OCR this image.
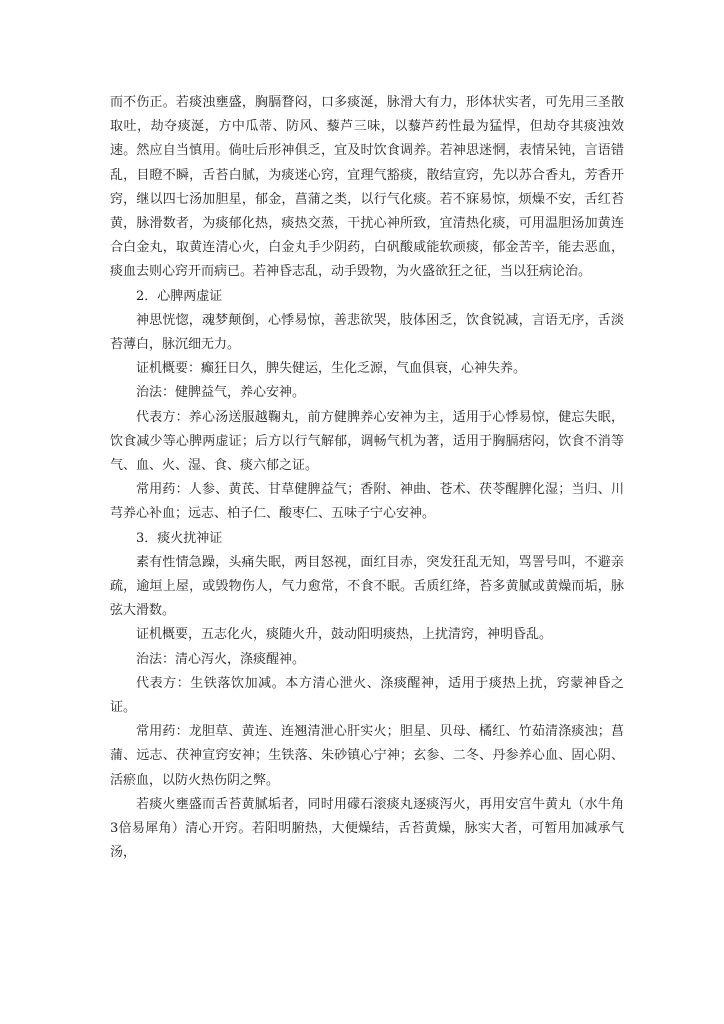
而不伤正。若痰浊壅盛，胸膈瞀闷，口多痰涎，脉滑大有力，形体状实者，可先用三圣散取吐，劫夺痰涎，方中瓜蒂、防风、藜芦三味，以藜芦药性最为猛悍，但劫夺其痰浊效速。然应自当慎用。倘吐后形神俱乏，宜及时饮食调养。若神思迷惘，表情呆钝，言语错乱，目瞪不瞬，舌苔白腻，为痰迷心窍，宜理气豁痰，散结宣窍，先以苏合香丸，芳香开窍，继以四七汤加胆星，郁金，菖蒲之类，以行气化痰。若不寐易惊，烦燥不安，舌红苔黄，脉滑数者，为痰郁化热，痰热交蒸，干扰心神所致，宜清热化痰，可用温胆汤加黄连合白金丸，取黄连清心火，白金丸手少阴药，白矾酸咸能软顽痰，郁金苦辛，能去恶血，痰血去则心窍开而病已。若神昏志乱，动手毁物，为火盛欲狂之征，当以狂病论治。

2．心脾两虚证

神思恍惚，魂梦颠倒，心悸易惊，善悲欲哭，肢体困乏，饮食锐减，言语无序，舌淡苔薄白，脉沉细无力。

证机概要：癫狂日久，脾失健运，生化乏源，气血俱衰，心神失养。

治法：健脾益气，养心安神。

代表方：养心汤送服越鞠丸，前方健脾养心安神为主，适用于心悸易惊，健忘失眠，饮食减少等心脾两虚证；后方以行气解郁，调畅气机为著，适用于胸膈痞闷，饮食不消等气、血、火、湿、食、痰六郁之证。

常用药：人参、黄芪、甘草健脾益气；香附、神曲、苍术、茯苓醒脾化湿；当归、川芎养心补血；远志、柏子仁、酸枣仁、五味子宁心安神。

3．痰火扰神证

素有性情急躁，头痛失眠，两目怒视，面红目赤，突发狂乱无知，骂詈号叫，不避亲疏，逾垣上屋，或毁物伤人，气力愈常，不食不眠。舌质红绛，苔多黄腻或黄燥而垢，脉弦大滑数。

证机概要，五志化火，痰随火升，鼓动阳明痰热，上扰清窍，神明昏乱。

治法：清心泻火，涤痰醒神。

代表方：生铁落饮加减。本方清心泄火、涤痰醒神，适用于痰热上扰，窍蒙神昏之证。

常用药：龙胆草、黄连、连翘清泄心肝实火；胆星、贝母、橘红、竹茹清涤痰浊；菖蒲、远志、茯神宣窍安神；生铁落、朱砂镇心宁神；玄参、二冬、丹参养心血、固心阴、活瘀血，以防火热伤阴之弊。

若痰火壅盛而舌苔黄腻垢者，同时用礞石滚痰丸逐痰泻火，再用安宫牛黄丸（水牛角3倍易犀角）清心开窍。若阳明腑热，大便燥结，舌苔黄燥，脉实大者，可暂用加减承气汤，
